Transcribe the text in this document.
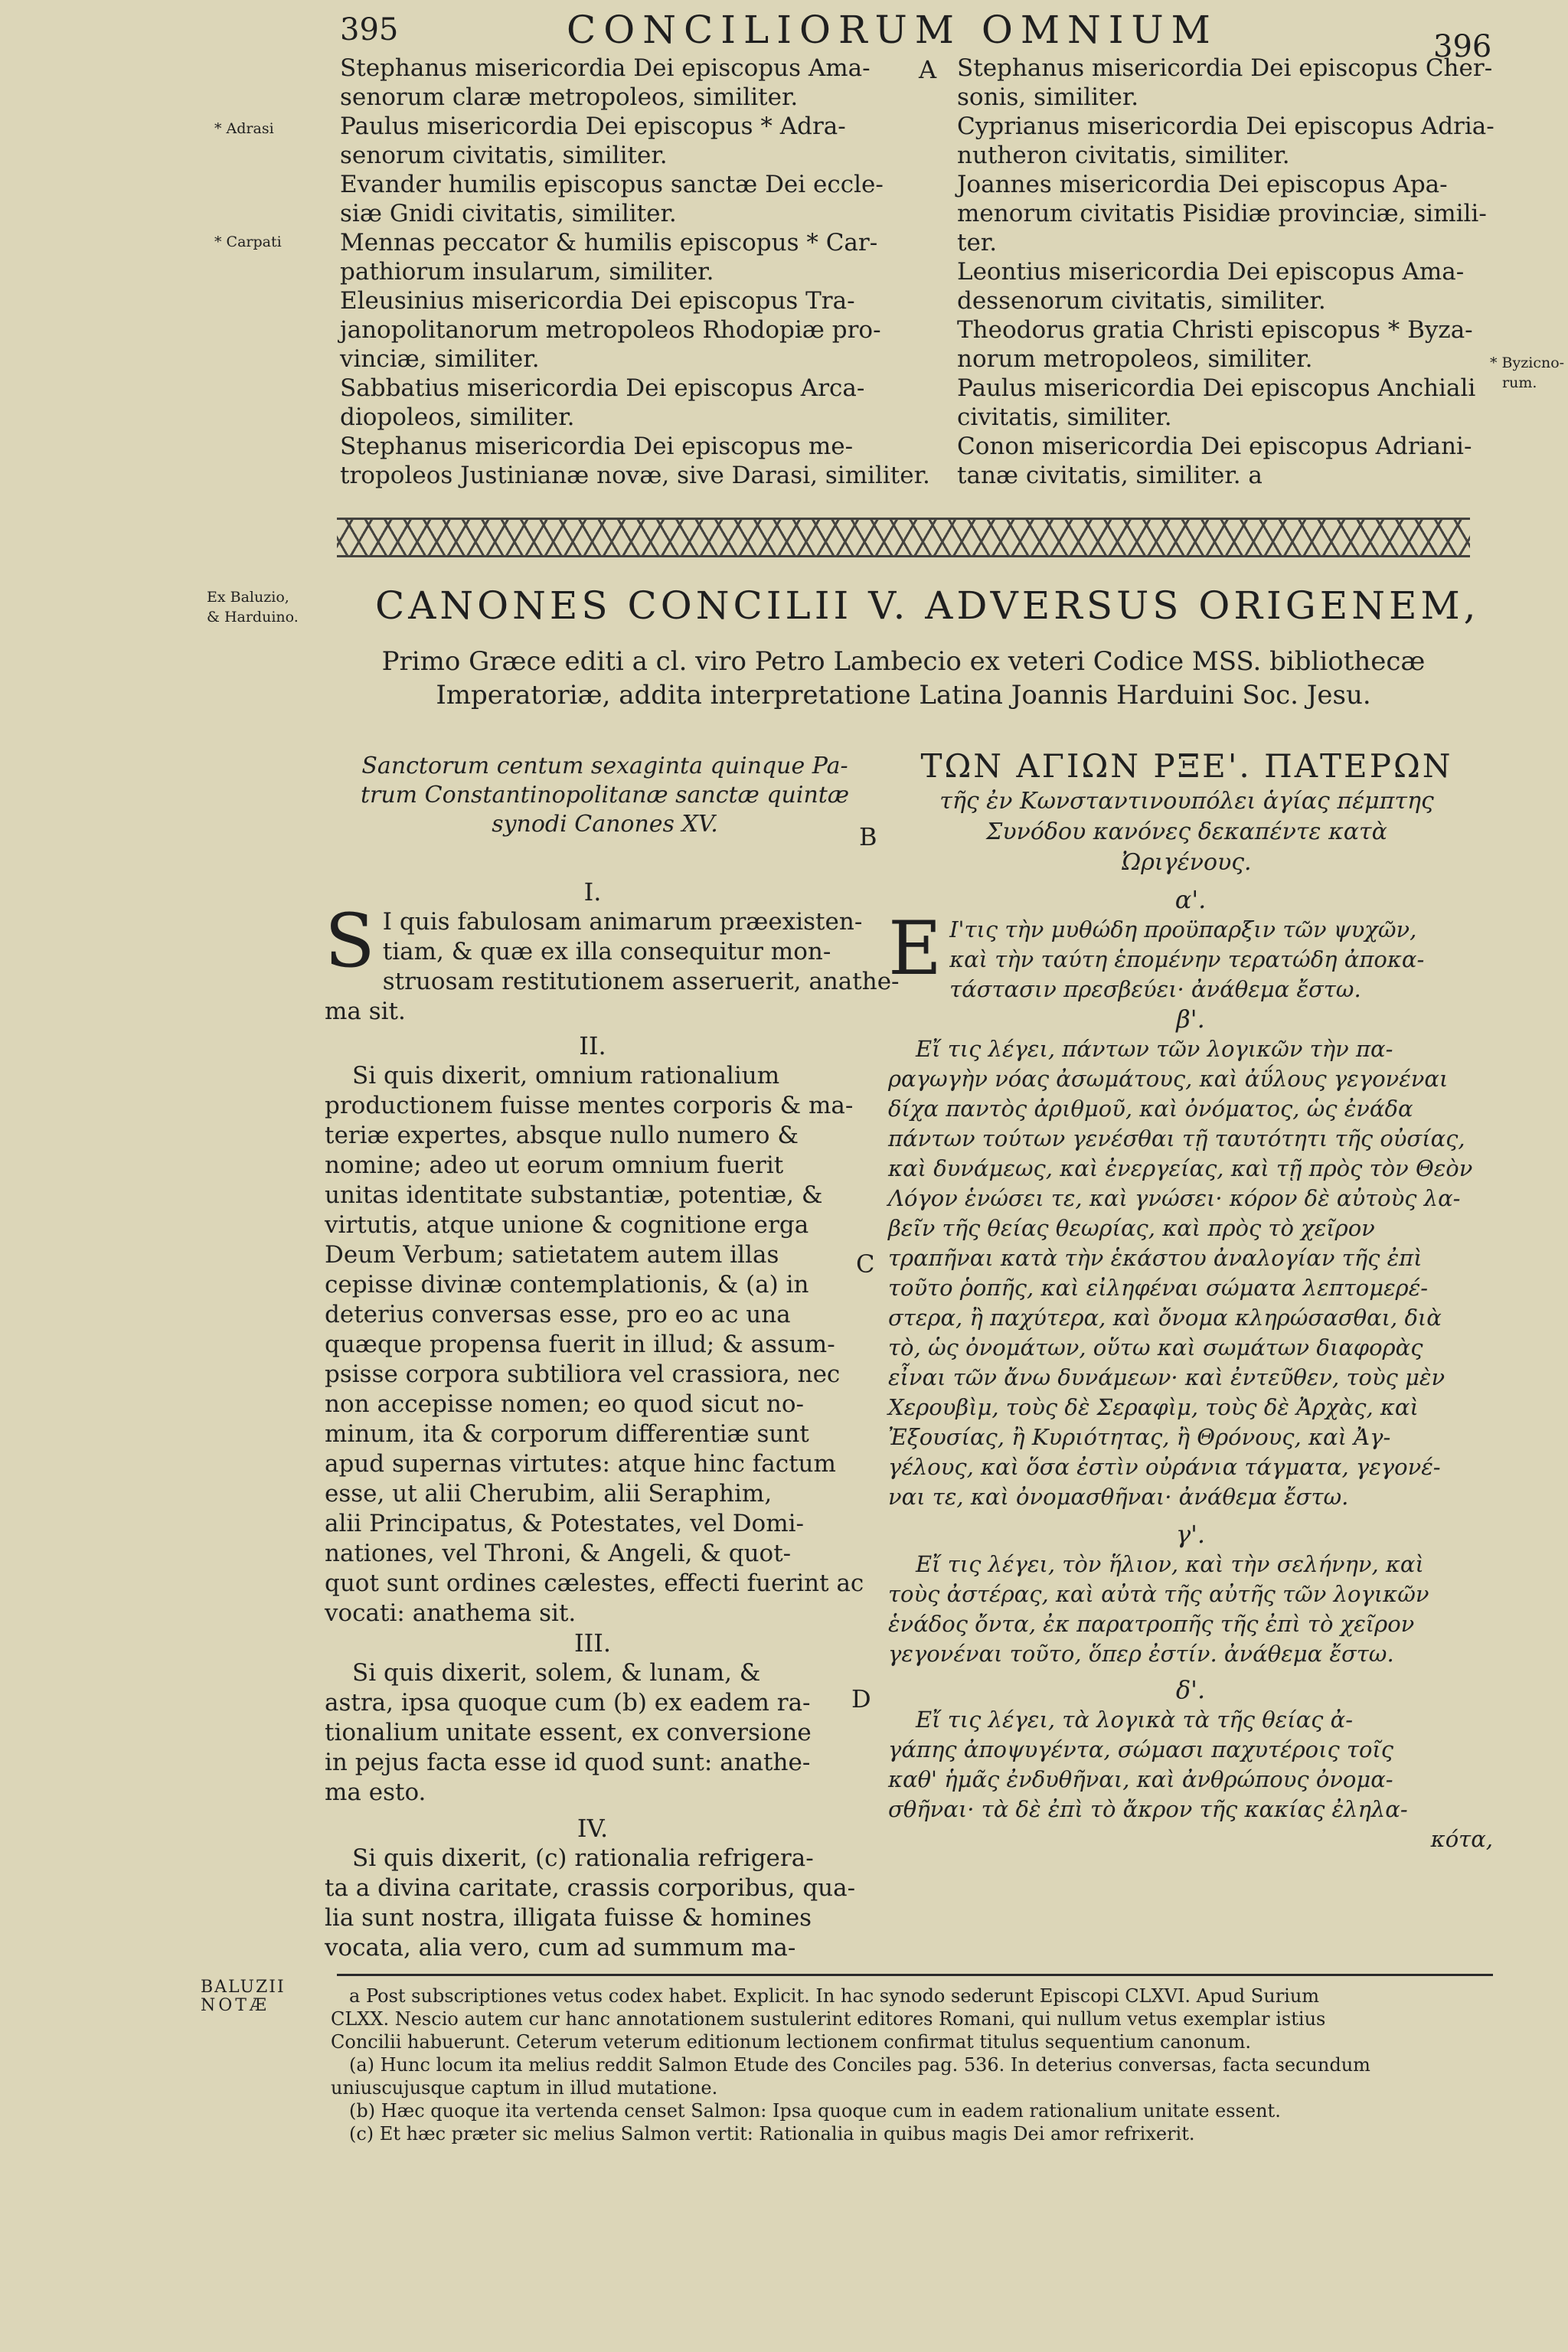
395	CONCILIORUM OMNIUM	396
Stephanus misericordia Dei episcopus Ama-
senorum claræ metropoleos, similiter.
Paulus misericordia Dei episcopus * Adra-
senorum civitatis, similiter.
Evander humilis episcopus sanctæ Dei eccle-
siæ Gnidi civitatis, similiter.
Mennas peccator & humilis episcopus * Car-
pathiorum insularum, similiter.
Eleusinius misericordia Dei episcopus Tra-
janopolitanorum metropoleos Rhodopiæ pro-
vinciæ, similiter.
Sabbatius misericordia Dei episcopus Arca-
diopoleos, similiter.
Stephanus misericordia Dei episcopus me-
tropoleos Justinianæ novæ, sive Darasi, similiter.
Stephanus misericordia Dei episcopus Cher-
sonis, similiter.
Cyprianus misericordia Dei episcopus Adria-
nutheron civitatis, similiter.
Joannes misericordia Dei episcopus Apa-
menorum civitatis Pisidiæ provinciæ, simili-
ter.
Leontius misericordia Dei episcopus Ama-
dessenorum civitatis, similiter.
Theodorus gratia Christi episcopus * Byza-
norum metropoleos, similiter.
Paulus misericordia Dei episcopus Anchiali
civitatis, similiter.
Conon misericordia Dei episcopus Adriani-
tanæ civitatis, similiter. a
* Adrasi
* Carpati
* Byzicno-
rum.
Ex Baluzio,
& Harduino.
A
B
C
D
CANONES CONCILII V. ADVERSUS ORIGENEM,
Primo Græce editi a cl. viro Petro Lambecio ex veteri Codice MSS. bibliothecæ
Imperatoriæ, addita interpretatione Latina Joannis Harduini Soc. Jesu.
Sanctorum centum sexaginta quinque Pa-
trum Constantinopolitanæ sanctæ quintæ
synodi Canones XV.
ΤΩΝ ΑΓΙΩΝ ΡΞΕ'. ΠΑΤΕΡΩΝ
τῆς ἐν Κωνσταντινουπόλει ἁγίας πέμπτης
Συνόδου κανόνες δεκαπέντε κατὰ
Ὠριγένους.
I.
S I quis fabulosam animarum præexisten-
tiam, & quæ ex illa consequitur mon-
struosam restitutionem asseruerit, anathe-
ma sit.
II.
Si quis dixerit, omnium rationalium
productionem fuisse mentes corporis & ma-
teriæ expertes, absque nullo numero &
nomine; adeo ut eorum omnium fuerit
unitas identitate substantiæ, potentiæ, &
virtutis, atque unione & cognitione erga
Deum Verbum; satietatem autem illas
cepisse divinæ contemplationis, & (a) in
deterius conversas esse, pro eo ac una
quæque propensa fuerit in illud; & assum-
psisse corpora subtiliora vel crassiora, nec
non accepisse nomen; eo quod sicut no-
minum, ita & corporum differentiæ sunt
apud supernas virtutes: atque hinc factum
esse, ut alii Cherubim, alii Seraphim,
alii Principatus, & Potestates, vel Domi-
nationes, vel Throni, & Angeli, & quot-
quot sunt ordines cælestes, effecti fuerint ac
vocati: anathema sit.
III.
Si quis dixerit, solem, & lunam, &
astra, ipsa quoque cum (b) ex eadem ra-
tionalium unitate essent, ex conversione
in pejus facta esse id quod sunt: anathe-
ma esto.
IV.
Si quis dixerit, (c) rationalia refrigera-
ta a divina caritate, crassis corporibus, qua-
lia sunt nostra, illigata fuisse & homines
vocata, alia vero, cum ad summum ma-
α'.
Ε Ι'τις τὴν μυθώδη προϋπαρξιν τῶν ψυχῶν,
καὶ τὴν ταύτη ἑπομένην τερατώδη ἀποκα-
τάστασιν πρεσβεύει· ἀνάθεμα ἔστω.
β'.
Εἴ τις λέγει, πάντων τῶν λογικῶν τὴν πα-
ραγωγὴν νόας ἀσωμάτους, καὶ ἀΰλους γεγονέναι
δίχα παντὸς ἀριθμοῦ, καὶ ὀνόματος, ὡς ἐνάδα
πάντων τούτων γενέσθαι τῇ ταυτότητι τῆς οὐσίας,
καὶ δυνάμεως, καὶ ἐνεργείας, καὶ τῇ πρὸς τὸν Θεὸν
Λόγον ἑνώσει τε, καὶ γνώσει· κόρον δὲ αὐτοὺς λα-
βεῖν τῆς θείας θεωρίας, καὶ πρὸς τὸ χεῖρον
τραπῆναι κατὰ τὴν ἑκάστου ἀναλογίαν τῆς ἐπὶ
τοῦτο ῥοπῆς, καὶ εἰληφέναι σώματα λεπτομερέ-
στερα, ἢ παχύτερα, καὶ ὄνομα κληρώσασθαι, διὰ
τὸ, ὡς ὀνομάτων, οὕτω καὶ σωμάτων διαφορὰς
εἶναι τῶν ἄνω δυνάμεων· καὶ ἐντεῦθεν, τοὺς μὲν
Χερουβὶμ, τοὺς δὲ Σεραφὶμ, τοὺς δὲ Ἀρχὰς, καὶ
Ἐξουσίας, ἢ Κυριότητας, ἢ Θρόνους, καὶ Ἀγ-
γέλους, καὶ ὅσα ἐστὶν οὐράνια τάγματα, γεγονέ-
ναι τε, καὶ ὀνομασθῆναι· ἀνάθεμα ἔστω.
γ'.
Εἴ τις λέγει, τὸν ἥλιον, καὶ τὴν σελήνην, καὶ
τοὺς ἀστέρας, καὶ αὐτὰ τῆς αὐτῆς τῶν λογικῶν
ἑνάδος ὄντα, ἐκ παρατροπῆς τῆς ἐπὶ τὸ χεῖρον
γεγονέναι τοῦτο, ὅπερ ἐστίν. ἀνάθεμα ἔστω.
δ'.
Εἴ τις λέγει, τὰ λογικὰ τὰ τῆς θείας ἀ-
γάπης ἀποψυγέντα, σώμασι παχυτέροις τοῖς
καθ' ἡμᾶς ἐνδυθῆναι, καὶ ἀνθρώπους ὀνομα-
σθῆναι· τὰ δὲ ἐπὶ τὸ ἄκρον τῆς κακίας ἐληλα-
κότα,
BALUZII
NOTÆ	a Post subscriptiones vetus codex habet. Explicit. In hac synodo sederunt Episcopi CLXVI. Apud Surium

CLXX. Nescio autem cur hanc annotationem sustulerint editores Romani, qui nullum vetus exemplar istius

Concilii habuerunt. Ceterum veterum editionum lectionem confirmat titulus sequentium canonum.

(a) Hunc locum ita melius reddit Salmon Etude des Conciles pag. 536. In deterius conversas, facta secundum

uniuscujusque captum in illud mutatione.

(b) Hæc quoque ita vertenda censet Salmon: Ipsa quoque cum in eadem rationalium unitate essent.

(c) Et hæc præter sic melius Salmon vertit: Rationalia in quibus magis Dei amor refrixerit.
